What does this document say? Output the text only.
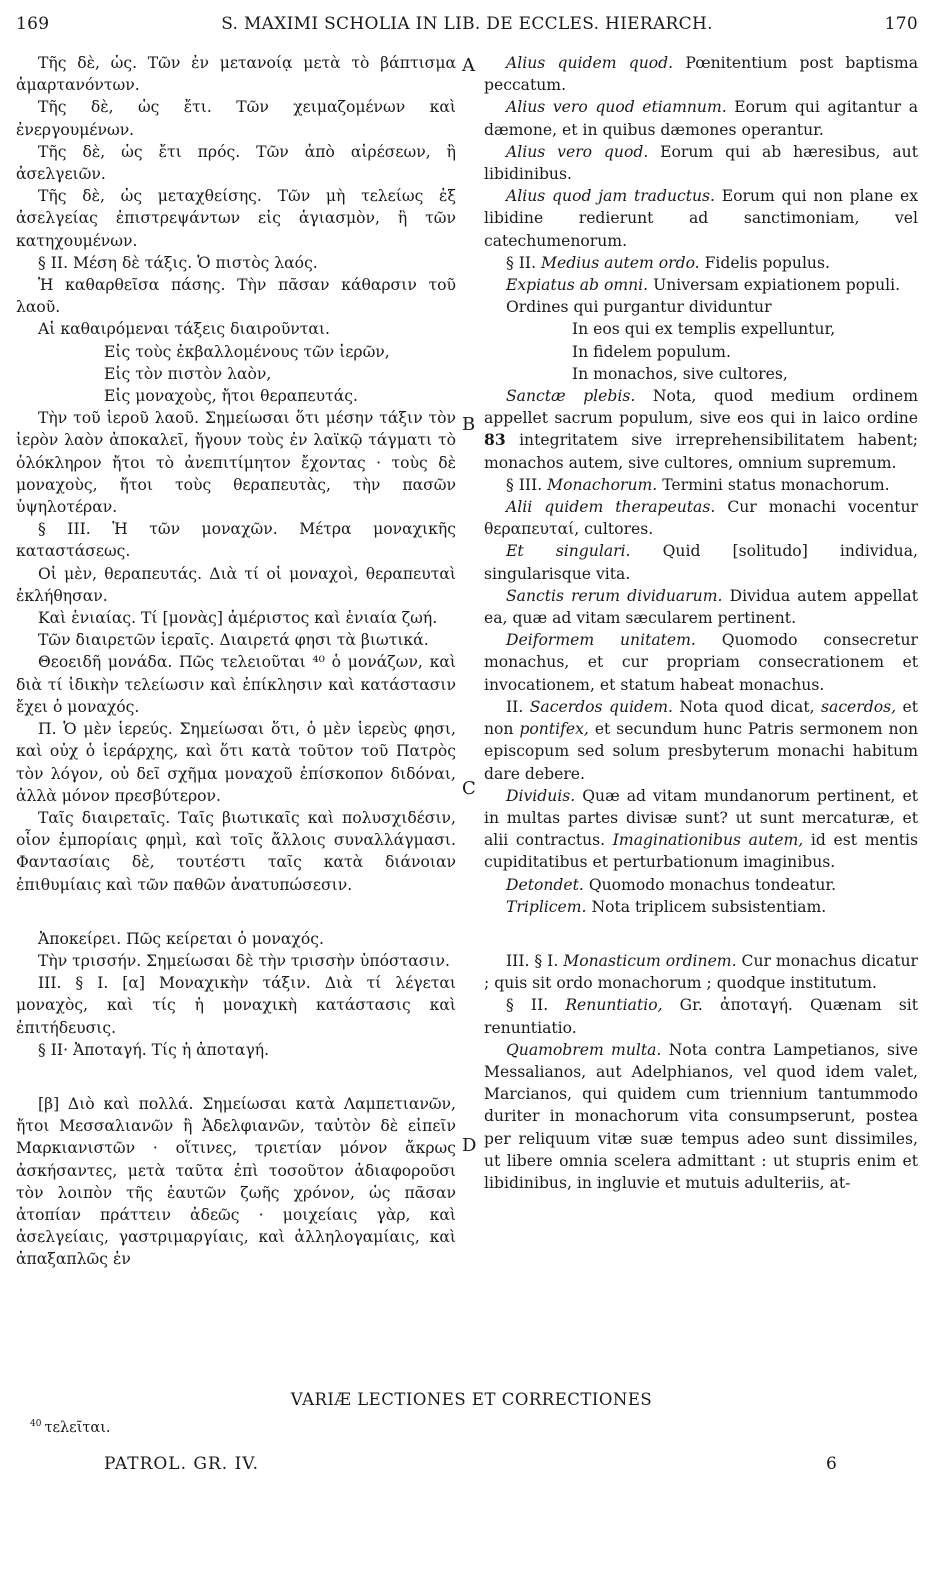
169	S. MAXIMI SCHOLIA IN LIB. DE ECCLES. HIERARCH.	170
A
B
C
D

Τῆς δὲ, ὡς. Τῶν ἐν μετανοίᾳ μετὰ τὸ βάπτισμα ἁμαρτανόντων.

Τῆς δὲ, ὡς ἔτι. Τῶν χειμαζομένων καὶ ἐνεργουμένων.

Τῆς δὲ, ὡς ἔτι πρός. Τῶν ἀπὸ αἱρέσεων, ἢ ἀσελγειῶν.

Τῆς δὲ, ὡς μεταχθείσης. Τῶν μὴ τελείως ἐξ ἀσελγείας ἐπιστρεψάντων εἰς ἁγιασμὸν, ἢ τῶν κατηχουμένων.

§ II. Μέση δὲ τάξις. Ὁ πιστὸς λαός.

Ἡ καθαρθεῖσα πάσης. Τὴν πᾶσαν κάθαρσιν τοῦ λαοῦ.

Αἱ καθαιρόμεναι τάξεις διαιροῦνται.

Εἰς τοὺς ἐκβαλλομένους τῶν ἱερῶν,

Εἰς τὸν πιστὸν λαὸν,

Εἰς μοναχοὺς, ἤτοι θεραπευτάς.

Τὴν τοῦ ἱεροῦ λαοῦ. Σημείωσαι ὅτι μέσην τάξιν τὸν ἱερὸν λαὸν ἀποκαλεῖ, ἤγουν τοὺς ἐν λαϊκῷ τάγματι τὸ ὁλόκληρον ἤτοι τὸ ἀνεπιτίμητον ἔχοντας · τοὺς δὲ μοναχοὺς, ἤτοι τοὺς θεραπευτὰς, τὴν πασῶν ὑψηλοτέραν.

§ III. Ἡ τῶν μοναχῶν. Μέτρα μοναχικῆς καταστάσεως.

Οἱ μὲν, θεραπευτάς. Διὰ τί οἱ μοναχοὶ, θεραπευταὶ ἐκλήθησαν.

Καὶ ἑνιαίας. Τί [μονὰς] ἀμέριστος καὶ ἑνιαία ζωή.

Τῶν διαιρετῶν ἱεραῖς. Διαιρετά φησι τὰ βιωτικά.

Θεοειδῆ μονάδα. Πῶς τελειοῦται ⁴⁰ ὁ μονάζων, καὶ διὰ τί ἰδικὴν τελείωσιν καὶ ἐπίκλησιν καὶ κατάστασιν ἔχει ὁ μοναχός.

Π. Ὁ μὲν ἱερεύς. Σημείωσαι ὅτι, ὁ μὲν ἱερεὺς φησι, καὶ οὐχ ὁ ἱεράρχης, καὶ ὅτι κατὰ τοῦτον τοῦ Πατρὸς τὸν λόγον, οὐ δεῖ σχῆμα μοναχοῦ ἐπίσκοπον διδόναι, ἀλλὰ μόνον πρεσβύτερον.

Ταῖς διαιρεταῖς. Ταῖς βιωτικαῖς καὶ πολυσχιδέσιν, οἷον ἐμπορίαις φημὶ, καὶ τοῖς ἄλλοις συναλλάγμασι. Φαντασίαις δὲ, τουτέστι ταῖς κατὰ διάνοιαν ἐπιθυμίαις καὶ τῶν παθῶν ἀνατυπώσεσιν.

Ἀποκείρει. Πῶς κείρεται ὁ μοναχός.

Τὴν τρισσήν. Σημείωσαι δὲ τὴν τρισσὴν ὑπόστασιν.

ΙΙΙ. § Ι. [α] Μοναχικὴν τάξιν. Διὰ τί λέγεται μοναχὸς, καὶ τίς ἡ μοναχικὴ κατάστασις καὶ ἐπιτήδευσις.

§ II· Ἀποταγή. Τίς ἡ ἀποταγή.

[β] Διὸ καὶ πολλά. Σημείωσαι κατὰ Λαμπετιανῶν, ἤτοι Μεσσαλιανῶν ἢ Ἀδελφιανῶν, ταὐτὸν δὲ εἰπεῖν Μαρκιανιστῶν · οἵτινες, τριετίαν μόνον ἄκρως ἀσκήσαντες, μετὰ ταῦτα ἐπὶ τοσοῦτον ἀδιαφοροῦσι τὸν λοιπὸν τῆς ἑαυτῶν ζωῆς χρόνον, ὡς πᾶσαν ἀτοπίαν πράττειν ἀδεῶς · μοιχείαις γὰρ, καὶ ἀσελγείαις, γαστριμαργίαις, καὶ ἀλληλογαμίαις, καὶ ἁπαξαπλῶς ἐν

Alius quidem quod. Pœnitentium post baptisma peccatum.

Alius vero quod etiamnum. Eorum qui agitantur a dæmone, et in quibus dæmones operantur.

Alius vero quod. Eorum qui ab hæresibus, aut libidinibus.

Alius quod jam traductus. Eorum qui non plane ex libidine redierunt ad sanctimoniam, vel catechumenorum.

§ II. Medius autem ordo. Fidelis populus.

Expiatus ab omni. Universam expiationem populi.

Ordines qui purgantur dividuntur

In eos qui ex templis expelluntur,

In fidelem populum.

In monachos, sive cultores,

Sanctæ plebis. Nota, quod medium ordinem appellet sacrum populum, sive eos qui in laico ordine 83 integritatem sive irreprehensibilitatem habent; monachos autem, sive cultores, omnium supremum.

§ III. Monachorum. Termini status monachorum.

Alii quidem therapeutas. Cur monachi vocentur θεραπευταί, cultores.

Et singulari. Quid [solitudo] individua, singularisque vita.

Sanctis rerum dividuarum. Dividua autem appellat ea, quæ ad vitam sæcularem pertinent.

Deiformem unitatem. Quomodo consecretur monachus, et cur propriam consecrationem et invocationem, et statum habeat monachus.

II. Sacerdos quidem. Nota quod dicat, sacerdos, et non pontifex, et secundum hunc Patris sermonem non episcopum sed solum presbyterum monachi habitum dare debere.

Dividuis. Quæ ad vitam mundanorum pertinent, et in multas partes divisæ sunt? ut sunt mercaturæ, et alii contractus. Imaginationibus autem, id est mentis cupiditatibus et perturbationum imaginibus.

Detondet. Quomodo monachus tondeatur.

Triplicem. Nota triplicem subsistentiam.

III. § I. Monasticum ordinem. Cur monachus dicatur ; quis sit ordo monachorum ; quodque institutum.

§ II. Renuntiatio, Gr. ἀποταγή. Quænam sit renuntiatio.

Quamobrem multa. Nota contra Lampetianos, sive Messalianos, aut Adelphianos, vel quod idem valet, Marcianos, qui quidem cum triennium tantummodo duriter in monachorum vita consumpserunt, postea per reliquum vitæ suæ tempus adeo sunt dissimiles, ut libere omnia scelera admittant : ut stupris enim et libidinibus, in ingluvie et mutuis adulteriis, at-

VARIÆ LECTIONES ET CORRECTIONES
$^{40}$ τελεῖται.
PATROL. GR. IV.	6
